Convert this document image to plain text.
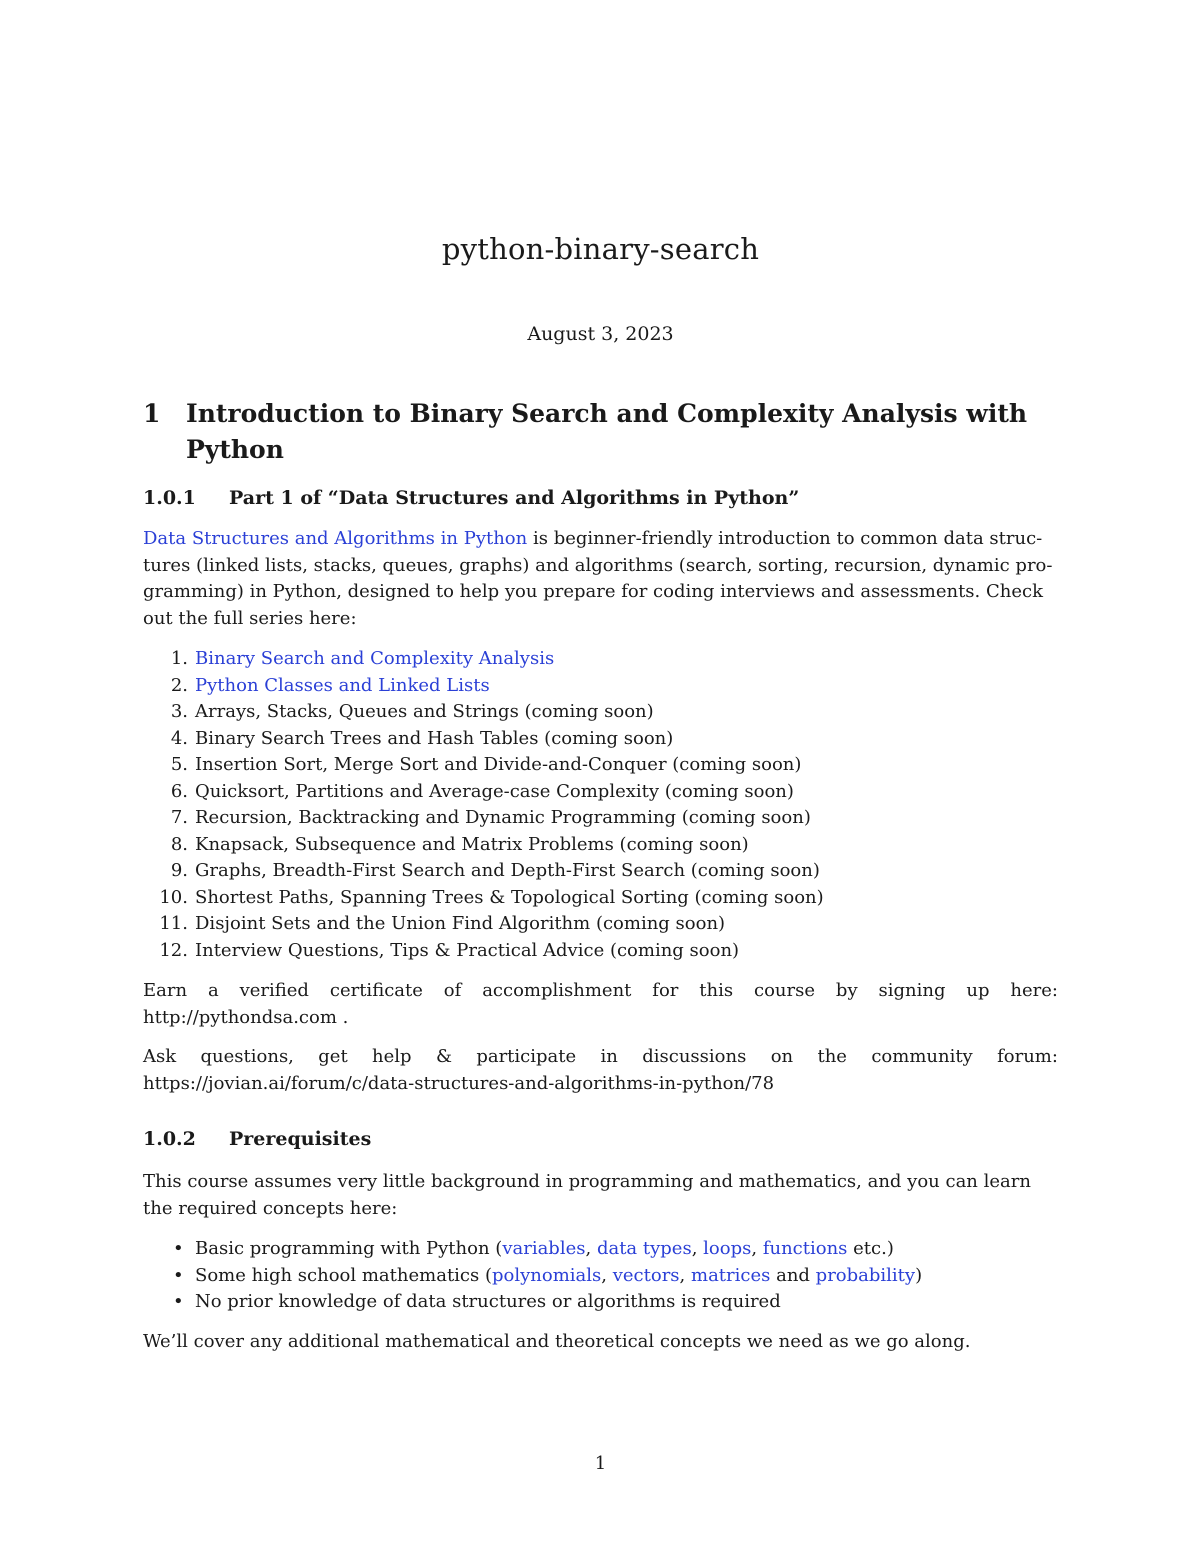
python-binary-search

August 3, 2023

1 Introduction to Binary Search and Complexity Analysis with Python
1.0.1 Part 1 of “Data Structures and Algorithms in Python”
Data Structures and Algorithms in Python is beginner-friendly introduction to common data struc-
tures (linked lists, stacks, queues, graphs) and algorithms (search, sorting, recursion, dynamic pro-
gramming) in Python, designed to help you prepare for coding interviews and assessments. Check
out the full series here:
1. Binary Search and Complexity Analysis
2. Python Classes and Linked Lists
3. Arrays, Stacks, Queues and Strings (coming soon)
4. Binary Search Trees and Hash Tables (coming soon)
5. Insertion Sort, Merge Sort and Divide-and-Conquer (coming soon)
6. Quicksort, Partitions and Average-case Complexity (coming soon)
7. Recursion, Backtracking and Dynamic Programming (coming soon)
8. Knapsack, Subsequence and Matrix Problems (coming soon)
9. Graphs, Breadth-First Search and Depth-First Search (coming soon)
10. Shortest Paths, Spanning Trees & Topological Sorting (coming soon)
11. Disjoint Sets and the Union Find Algorithm (coming soon)
12. Interview Questions, Tips & Practical Advice (coming soon)
Earn a verified certificate of accomplishment for this course by signing up here:
http://pythondsa.com .
Ask questions, get help & participate in discussions on the community forum:
https://jovian.ai/forum/c/data-structures-and-algorithms-in-python/78
1.0.2 Prerequisites
This course assumes very little background in programming and mathematics, and you can learn
the required concepts here:
• Basic programming with Python (variables, data types, loops, functions etc.)
• Some high school mathematics (polynomials, vectors, matrices and probability)
• No prior knowledge of data structures or algorithms is required
We’ll cover any additional mathematical and theoretical concepts we need as we go along.

1
